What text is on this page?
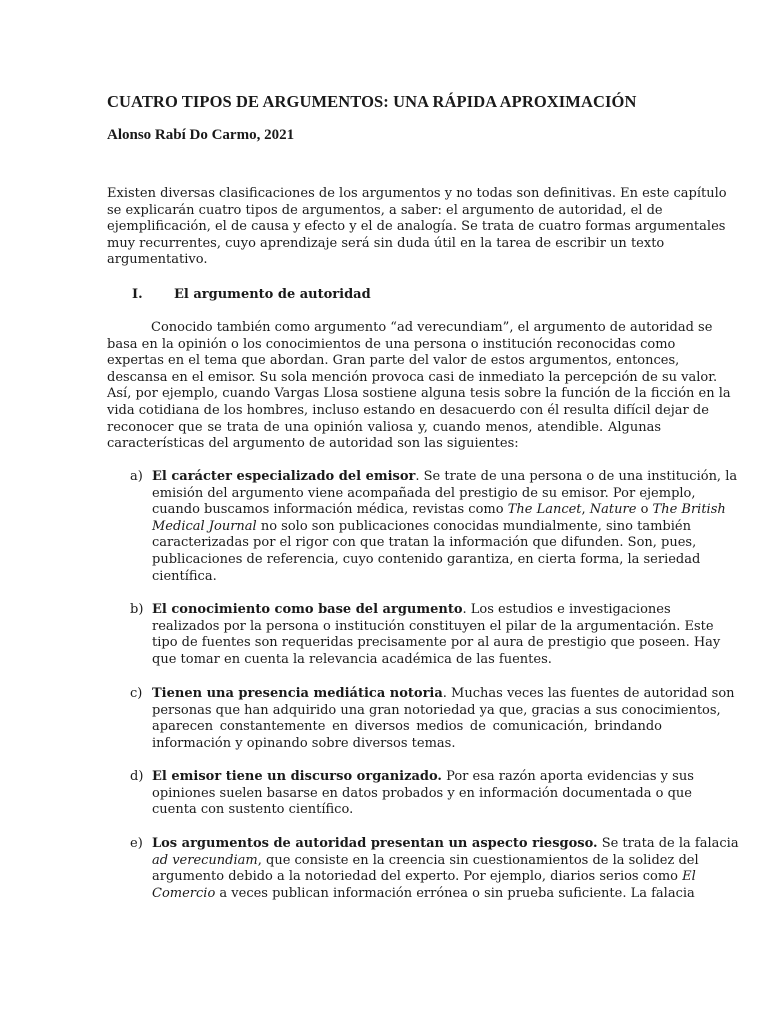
CUATRO TIPOS DE ARGUMENTOS: UNA RÁPIDA APROXIMACIÓN

Alonso Rabí Do Carmo, 2021

Existen diversas clasificaciones de los argumentos y no todas son definitivas. En este capítulo
se explicarán cuatro tipos de argumentos, a saber: el argumento de autoridad, el de
ejemplificación, el de causa y efecto y el de analogía. Se trata de cuatro formas argumentales
muy recurrentes, cuyo aprendizaje será sin duda útil en la tarea de escribir un texto
argumentativo.
I. El argumento de autoridad
Conocido también como argumento “ad verecundiam”, el argumento de autoridad se
basa en la opinión o los conocimientos de una persona o institución reconocidas como
expertas en el tema que abordan. Gran parte del valor de estos argumentos, entonces,
descansa en el emisor. Su sola mención provoca casi de inmediato la percepción de su valor.
Así, por ejemplo, cuando Vargas Llosa sostiene alguna tesis sobre la función de la ficción en la
vida cotidiana de los hombres, incluso estando en desacuerdo con él resulta difícil dejar de
reconocer que se trata de una opinión valiosa y, cuando menos, atendible. Algunas
características del argumento de autoridad son las siguientes:
a) El carácter especializado del emisor. Se trate de una persona o de una institución, la
emisión del argumento viene acompañada del prestigio de su emisor. Por ejemplo,
cuando buscamos información médica, revistas como The Lancet, Nature o The British
Medical Journal no solo son publicaciones conocidas mundialmente, sino también
caracterizadas por el rigor con que tratan la información que difunden. Son, pues,
publicaciones de referencia, cuyo contenido garantiza, en cierta forma, la seriedad
científica.
b) El conocimiento como base del argumento. Los estudios e investigaciones
realizados por la persona o institución constituyen el pilar de la argumentación. Este
tipo de fuentes son requeridas precisamente por al aura de prestigio que poseen. Hay
que tomar en cuenta la relevancia académica de las fuentes.
c) Tienen una presencia mediática notoria. Muchas veces las fuentes de autoridad son
personas que han adquirido una gran notoriedad ya que, gracias a sus conocimientos,
aparecen constantemente en diversos medios de comunicación, brindando
información y opinando sobre diversos temas.
d) El emisor tiene un discurso organizado. Por esa razón aporta evidencias y sus
opiniones suelen basarse en datos probados y en información documentada o que
cuenta con sustento científico.
e) Los argumentos de autoridad presentan un aspecto riesgoso. Se trata de la falacia
ad verecundiam, que consiste en la creencia sin cuestionamientos de la solidez del
argumento debido a la notoriedad del experto. Por ejemplo, diarios serios como El
Comercio a veces publican información errónea o sin prueba suficiente. La falacia
